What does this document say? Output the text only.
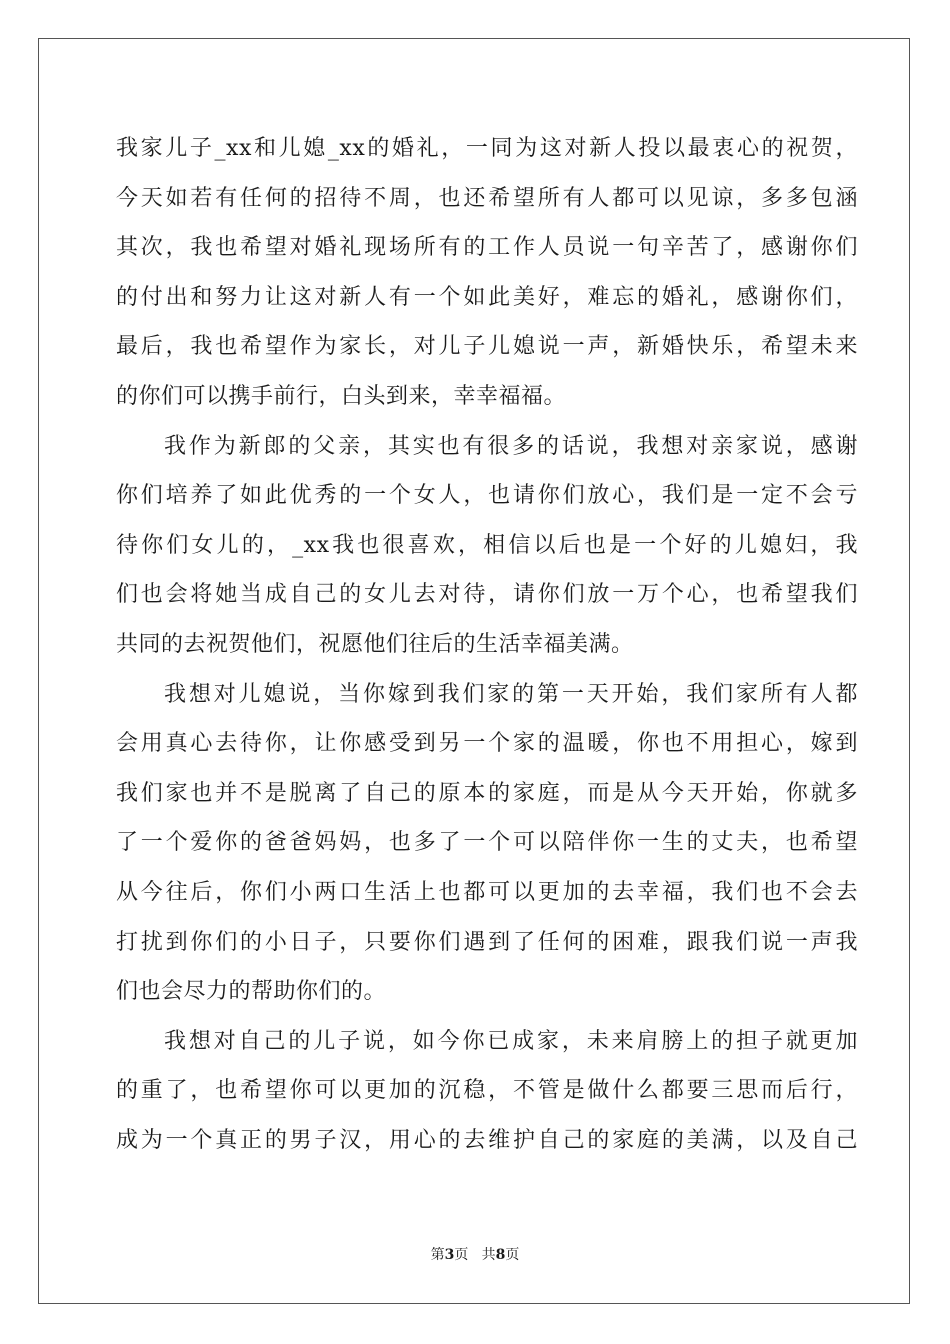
我家儿子_xx和儿媳_xx的婚礼，一同为这对新人投以最衷心的祝贺，
今天如若有任何的招待不周，也还希望所有人都可以见谅，多多包涵
其次，我也希望对婚礼现场所有的工作人员说一句辛苦了，感谢你们
的付出和努力让这对新人有一个如此美好，难忘的婚礼，感谢你们，
最后，我也希望作为家长，对儿子儿媳说一声，新婚快乐，希望未来
的你们可以携手前行，白头到来，幸幸福福。
我作为新郎的父亲，其实也有很多的话说，我想对亲家说，感谢
你们培养了如此优秀的一个女人，也请你们放心，我们是一定不会亏
待你们女儿的，_xx我也很喜欢，相信以后也是一个好的儿媳妇，我
们也会将她当成自己的女儿去对待，请你们放一万个心，也希望我们
共同的去祝贺他们，祝愿他们往后的生活幸福美满。
我想对儿媳说，当你嫁到我们家的第一天开始，我们家所有人都
会用真心去待你，让你感受到另一个家的温暖，你也不用担心，嫁到
我们家也并不是脱离了自己的原本的家庭，而是从今天开始，你就多
了一个爱你的爸爸妈妈，也多了一个可以陪伴你一生的丈夫，也希望
从今往后，你们小两口生活上也都可以更加的去幸福，我们也不会去
打扰到你们的小日子，只要你们遇到了任何的困难，跟我们说一声我
们也会尽力的帮助你们的。
我想对自己的儿子说，如今你已成家，未来肩膀上的担子就更加
的重了，也希望你可以更加的沉稳，不管是做什么都要三思而后行，
成为一个真正的男子汉，用心的去维护自己的家庭的美满，以及自己
第3页 共8页
